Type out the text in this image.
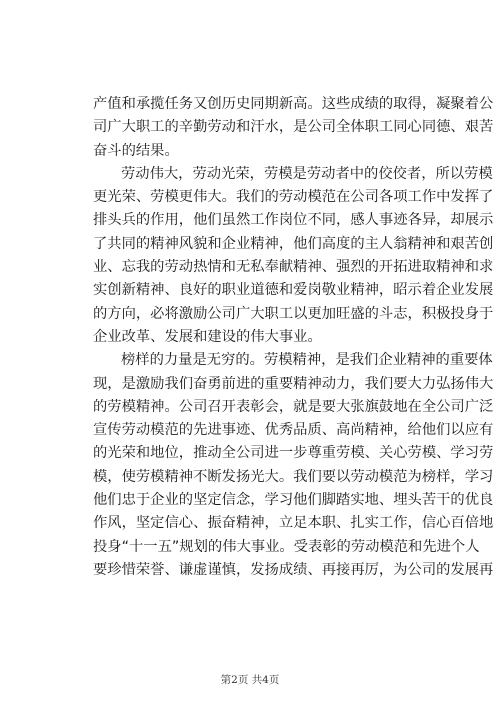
产值和承揽任务又创历史同期新高。这些成绩的取得，凝聚着公
司广大职工的辛勤劳动和汗水，是公司全体职工同心同德、艰苦
奋斗的结果。
劳动伟大，劳动光荣，劳模是劳动者中的佼佼者，所以劳模
更光荣、劳模更伟大。我们的劳动模范在公司各项工作中发挥了
排头兵的作用，他们虽然工作岗位不同，感人事迹各异，却展示
了共同的精神风貌和企业精神，他们高度的主人翁精神和艰苦创
业、忘我的劳动热情和无私奉献精神、强烈的开拓进取精神和求
实创新精神、良好的职业道德和爱岗敬业精神，昭示着企业发展
的方向，必将激励公司广大职工以更加旺盛的斗志，积极投身于
企业改革、发展和建设的伟大事业。
榜样的力量是无穷的。劳模精神，是我们企业精神的重要体
现，是激励我们奋勇前进的重要精神动力，我们要大力弘扬伟大
的劳模精神。公司召开表彰会，就是要大张旗鼓地在全公司广泛
宣传劳动模范的先进事迹、优秀品质、高尚精神，给他们以应有
的光荣和地位，推动全公司进一步尊重劳模、关心劳模、学习劳
模，使劳模精神不断发扬光大。我们要以劳动模范为榜样，学习
他们忠于企业的坚定信念，学习他们脚踏实地、埋头苦干的优良
作风，坚定信心、振奋精神，立足本职、扎实工作，信心百倍地
投身“十一五”规划的伟大事业。受表彰的劳动模范和先进个人
要珍惜荣誉、谦虚谨慎，发扬成绩、再接再厉，为公司的发展再
第2页 共4页
